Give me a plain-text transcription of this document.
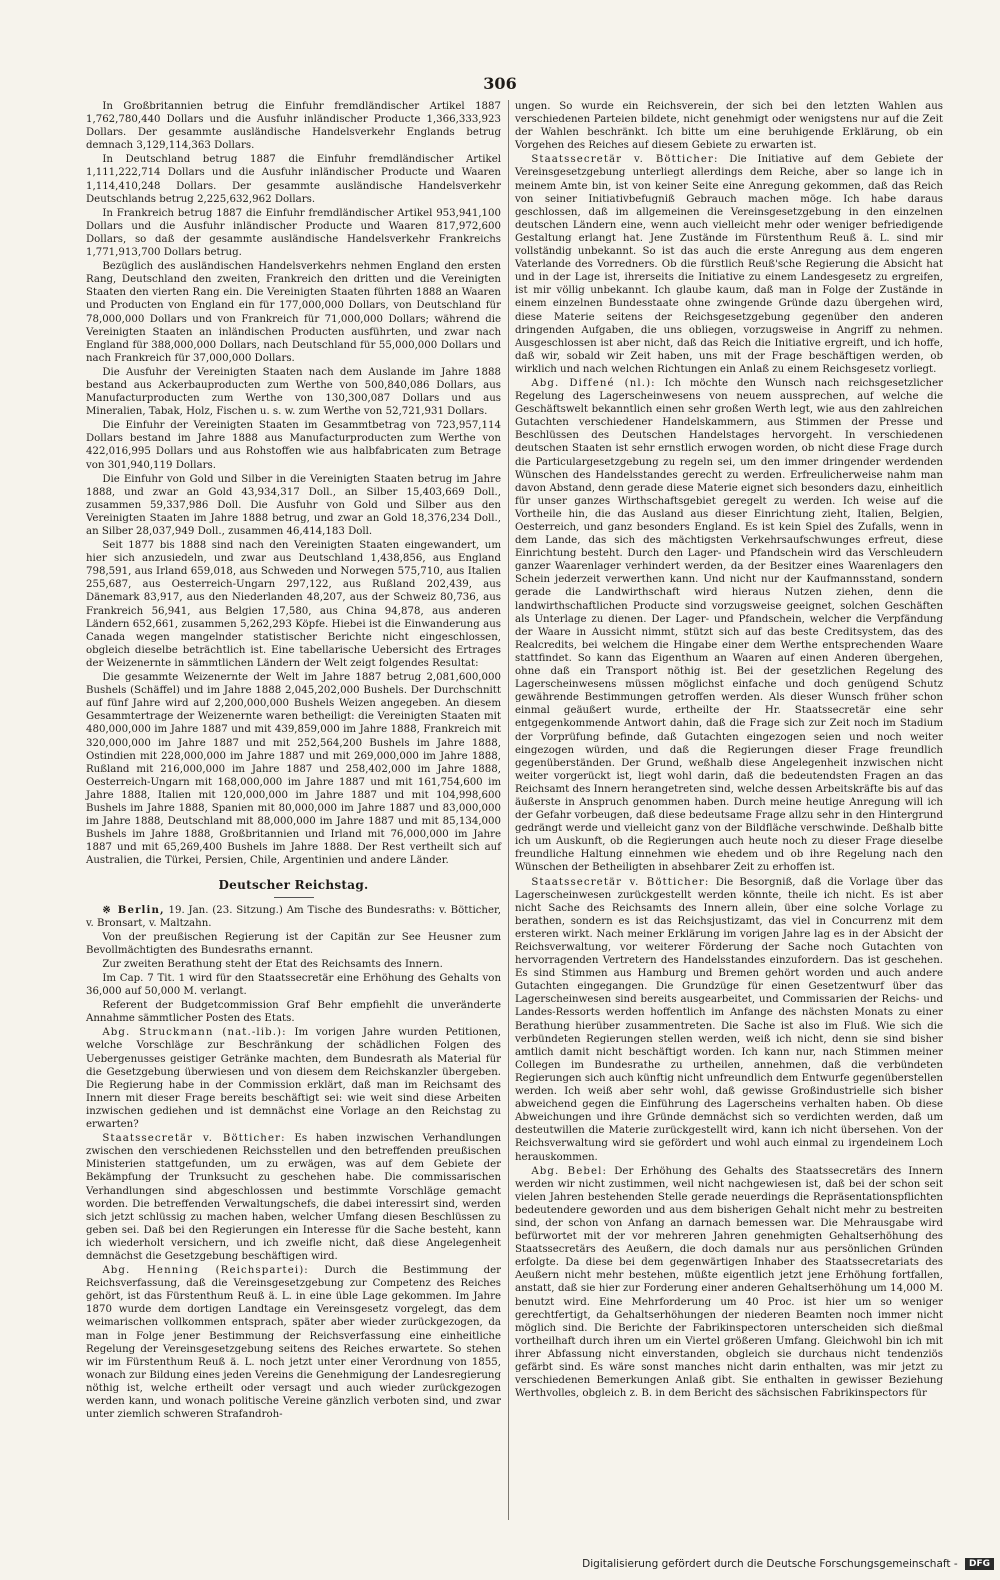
306

In Großbritannien betrug die Einfuhr fremdländischer Artikel 1887 1,762,780,440 Dollars und die Ausfuhr inländischer Producte 1,366,333,923 Dollars. Der gesammte ausländische Handelsverkehr Englands betrug demnach 3,129,114,363 Dollars.

In Deutschland betrug 1887 die Einfuhr fremdländischer Artikel 1,111,222,714 Dollars und die Ausfuhr inländischer Producte und Waaren 1,114,410,248 Dollars. Der gesammte ausländische Handelsverkehr Deutschlands betrug 2,225,632,962 Dollars.

In Frankreich betrug 1887 die Einfuhr fremdländischer Artikel 953,941,100 Dollars und die Ausfuhr inländischer Producte und Waaren 817,972,600 Dollars, so daß der gesammte ausländische Handelsverkehr Frankreichs 1,771,913,700 Dollars betrug.

Bezüglich des ausländischen Handelsverkehrs nehmen England den ersten Rang, Deutschland den zweiten, Frankreich den dritten und die Vereinigten Staaten den vierten Rang ein. Die Vereinigten Staaten führten 1888 an Waaren und Producten von England ein für 177,000,000 Dollars, von Deutschland für 78,000,000 Dollars und von Frankreich für 71,000,000 Dollars; während die Vereinigten Staaten an inländischen Producten ausführten, und zwar nach England für 388,000,000 Dollars, nach Deutschland für 55,000,000 Dollars und nach Frankreich für 37,000,000 Dollars.

Die Ausfuhr der Vereinigten Staaten nach dem Auslande im Jahre 1888 bestand aus Ackerbauproducten zum Werthe von 500,840,086 Dollars, aus Manufacturproducten zum Werthe von 130,300,087 Dollars und aus Mineralien, Tabak, Holz, Fischen u. s. w. zum Werthe von 52,721,931 Dollars.

Die Einfuhr der Vereinigten Staaten im Gesammtbetrag von 723,957,114 Dollars bestand im Jahre 1888 aus Manufacturproducten zum Werthe von 422,016,995 Dollars und aus Rohstoffen wie aus halbfabricaten zum Betrage von 301,940,119 Dollars.

Die Einfuhr von Gold und Silber in die Vereinigten Staaten betrug im Jahre 1888, und zwar an Gold 43,934,317 Doll., an Silber 15,403,669 Doll., zusammen 59,337,986 Doll. Die Ausfuhr von Gold und Silber aus den Vereinigten Staaten im Jahre 1888 betrug, und zwar an Gold 18,376,234 Doll., an Silber 28,037,949 Doll., zusammen 46,414,183 Doll.

Seit 1877 bis 1888 sind nach den Vereinigten Staaten eingewandert, um hier sich anzusiedeln, und zwar aus Deutschland 1,438,856, aus England 798,591, aus Irland 659,018, aus Schweden und Norwegen 575,710, aus Italien 255,687, aus Oesterreich-Ungarn 297,122, aus Rußland 202,439, aus Dänemark 83,917, aus den Niederlanden 48,207, aus der Schweiz 80,736, aus Frankreich 56,941, aus Belgien 17,580, aus China 94,878, aus anderen Ländern 652,661, zusammen 5,262,293 Köpfe. Hiebei ist die Einwanderung aus Canada wegen mangelnder statistischer Berichte nicht eingeschlossen, obgleich dieselbe beträchtlich ist. Eine tabellarische Uebersicht des Ertrages der Weizenernte in sämmtlichen Ländern der Welt zeigt folgendes Resultat:

Die gesammte Weizenernte der Welt im Jahre 1887 betrug 2,081,600,000 Bushels (Schäffel) und im Jahre 1888 2,045,202,000 Bushels. Der Durchschnitt auf fünf Jahre wird auf 2,200,000,000 Bushels Weizen angegeben. An diesem Gesammtertrage der Weizenernte waren betheiligt: die Vereinigten Staaten mit 480,000,000 im Jahre 1887 und mit 439,859,000 im Jahre 1888, Frankreich mit 320,000,000 im Jahre 1887 und mit 252,564,200 Bushels im Jahre 1888, Ostindien mit 228,000,000 im Jahre 1887 und mit 269,000,000 im Jahre 1888, Rußland mit 216,000,000 im Jahre 1887 und 258,402,000 im Jahre 1888, Oesterreich-Ungarn mit 168,000,000 im Jahre 1887 und mit 161,754,600 im Jahre 1888, Italien mit 120,000,000 im Jahre 1887 und mit 104,998,600 Bushels im Jahre 1888, Spanien mit 80,000,000 im Jahre 1887 und 83,000,000 im Jahre 1888, Deutschland mit 88,000,000 im Jahre 1887 und mit 85,134,000 Bushels im Jahre 1888, Großbritannien und Irland mit 76,000,000 im Jahre 1887 und mit 65,269,400 Bushels im Jahre 1888. Der Rest vertheilt sich auf Australien, die Türkei, Persien, Chile, Argentinien und andere Länder.

Deutscher Reichstag.

※ Berlin, 19. Jan. (23. Sitzung.) Am Tische des Bundesraths: v. Bötticher, v. Bronsart, v. Maltzahn.

Von der preußischen Regierung ist der Capitän zur See Heusner zum Bevollmächtigten des Bundesraths ernannt.

Zur zweiten Berathung steht der Etat des Reichsamts des Innern.

Im Cap. 7 Tit. 1 wird für den Staatssecretär eine Erhöhung des Gehalts von 36,000 auf 50,000 M. verlangt.

Referent der Budgetcommission Graf Behr empfiehlt die unveränderte Annahme sämmtlicher Posten des Etats.

Abg. Struckmann (nat.-lib.): Im vorigen Jahre wurden Petitionen, welche Vorschläge zur Beschränkung der schädlichen Folgen des Uebergenusses geistiger Getränke machten, dem Bundesrath als Material für die Gesetzgebung überwiesen und von diesem dem Reichskanzler übergeben. Die Regierung habe in der Commission erklärt, daß man im Reichsamt des Innern mit dieser Frage bereits beschäftigt sei: wie weit sind diese Arbeiten inzwischen gediehen und ist demnächst eine Vorlage an den Reichstag zu erwarten?

Staatssecretär v. Bötticher: Es haben inzwischen Verhandlungen zwischen den verschiedenen Reichsstellen und den betreffenden preußischen Ministerien stattgefunden, um zu erwägen, was auf dem Gebiete der Bekämpfung der Trunksucht zu geschehen habe. Die commissarischen Verhandlungen sind abgeschlossen und bestimmte Vorschläge gemacht worden. Die betreffenden Verwaltungschefs, die dabei interessirt sind, werden sich jetzt schlüssig zu machen haben, welcher Umfang diesen Beschlüssen zu geben sei. Daß bei den Regierungen ein Interesse für die Sache besteht, kann ich wiederholt versichern, und ich zweifle nicht, daß diese Angelegenheit demnächst die Gesetzgebung beschäftigen wird.

Abg. Henning (Reichspartei): Durch die Bestimmung der Reichsverfassung, daß die Vereinsgesetzgebung zur Competenz des Reiches gehört, ist das Fürstenthum Reuß ä. L. in eine üble Lage gekommen. Im Jahre 1870 wurde dem dortigen Landtage ein Vereinsgesetz vorgelegt, das dem weimarischen vollkommen entsprach, später aber wieder zurückgezogen, da man in Folge jener Bestimmung der Reichsverfassung eine einheitliche Regelung der Vereinsgesetzgebung seitens des Reiches erwartete. So stehen wir im Fürstenthum Reuß ä. L. noch jetzt unter einer Verordnung von 1855, wonach zur Bildung eines jeden Vereins die Genehmigung der Landesregierung nöthig ist, welche ertheilt oder versagt und auch wieder zurückgezogen werden kann, und wonach politische Vereine gänzlich verboten sind, und zwar unter ziemlich schweren Strafandroh-

ungen. So wurde ein Reichsverein, der sich bei den letzten Wahlen aus verschiedenen Parteien bildete, nicht genehmigt oder wenigstens nur auf die Zeit der Wahlen beschränkt. Ich bitte um eine beruhigende Erklärung, ob ein Vorgehen des Reiches auf diesem Gebiete zu erwarten ist.

Staatssecretär v. Bötticher: Die Initiative auf dem Gebiete der Vereinsgesetzgebung unterliegt allerdings dem Reiche, aber so lange ich in meinem Amte bin, ist von keiner Seite eine Anregung gekommen, daß das Reich von seiner Initiativbefugniß Gebrauch machen möge. Ich habe daraus geschlossen, daß im allgemeinen die Vereinsgesetzgebung in den einzelnen deutschen Ländern eine, wenn auch vielleicht mehr oder weniger befriedigende Gestaltung erlangt hat. Jene Zustände im Fürstenthum Reuß ä. L. sind mir vollständig unbekannt. So ist das auch die erste Anregung aus dem engeren Vaterlande des Vorredners. Ob die fürstlich Reuß'sche Regierung die Absicht hat und in der Lage ist, ihrerseits die Initiative zu einem Landesgesetz zu ergreifen, ist mir völlig unbekannt. Ich glaube kaum, daß man in Folge der Zustände in einem einzelnen Bundesstaate ohne zwingende Gründe dazu übergehen wird, diese Materie seitens der Reichsgesetzgebung gegenüber den anderen dringenden Aufgaben, die uns obliegen, vorzugsweise in Angriff zu nehmen. Ausgeschlossen ist aber nicht, daß das Reich die Initiative ergreift, und ich hoffe, daß wir, sobald wir Zeit haben, uns mit der Frage beschäftigen werden, ob wirklich und nach welchen Richtungen ein Anlaß zu einem Reichsgesetz vorliegt.

Abg. Diffené (nl.): Ich möchte den Wunsch nach reichsgesetzlicher Regelung des Lagerscheinwesens von neuem aussprechen, auf welche die Geschäftswelt bekanntlich einen sehr großen Werth legt, wie aus den zahlreichen Gutachten verschiedener Handelskammern, aus Stimmen der Presse und Beschlüssen des Deutschen Handelstages hervorgeht. In verschiedenen deutschen Staaten ist sehr ernstlich erwogen worden, ob nicht diese Frage durch die Particulargesetzgebung zu regeln sei, um den immer dringender werdenden Wünschen des Handelsstandes gerecht zu werden. Erfreulicherweise nahm man davon Abstand, denn gerade diese Materie eignet sich besonders dazu, einheitlich für unser ganzes Wirthschaftsgebiet geregelt zu werden. Ich weise auf die Vortheile hin, die das Ausland aus dieser Einrichtung zieht, Italien, Belgien, Oesterreich, und ganz besonders England. Es ist kein Spiel des Zufalls, wenn in dem Lande, das sich des mächtigsten Verkehrsaufschwunges erfreut, diese Einrichtung besteht. Durch den Lager- und Pfandschein wird das Verschleudern ganzer Waarenlager verhindert werden, da der Besitzer eines Waarenlagers den Schein jederzeit verwerthen kann. Und nicht nur der Kaufmannsstand, sondern gerade die Landwirthschaft wird hieraus Nutzen ziehen, denn die landwirthschaftlichen Producte sind vorzugsweise geeignet, solchen Geschäften als Unterlage zu dienen. Der Lager- und Pfandschein, welcher die Verpfändung der Waare in Aussicht nimmt, stützt sich auf das beste Creditsystem, das des Realcredits, bei welchem die Hingabe einer dem Werthe entsprechenden Waare stattfindet. So kann das Eigenthum an Waaren auf einen Anderen übergehen, ohne daß ein Transport nöthig ist. Bei der gesetzlichen Regelung des Lagerscheinwesens müssen möglichst einfache und doch genügend Schutz gewährende Bestimmungen getroffen werden. Als dieser Wunsch früher schon einmal geäußert wurde, ertheilte der Hr. Staatssecretär eine sehr entgegenkommende Antwort dahin, daß die Frage sich zur Zeit noch im Stadium der Vorprüfung befinde, daß Gutachten eingezogen seien und noch weiter eingezogen würden, und daß die Regierungen dieser Frage freundlich gegenüberständen. Der Grund, weßhalb diese Angelegenheit inzwischen nicht weiter vorgerückt ist, liegt wohl darin, daß die bedeutendsten Fragen an das Reichsamt des Innern herangetreten sind, welche dessen Arbeitskräfte bis auf das äußerste in Anspruch genommen haben. Durch meine heutige Anregung will ich der Gefahr vorbeugen, daß diese bedeutsame Frage allzu sehr in den Hintergrund gedrängt werde und vielleicht ganz von der Bildfläche verschwinde. Deßhalb bitte ich um Auskunft, ob die Regierungen auch heute noch zu dieser Frage dieselbe freundliche Haltung einnehmen wie ehedem und ob ihre Regelung nach den Wünschen der Betheiligten in absehbarer Zeit zu erhoffen ist.

Staatssecretär v. Bötticher: Die Besorgniß, daß die Vorlage über das Lagerscheinwesen zurückgestellt werden könnte, theile ich nicht. Es ist aber nicht Sache des Reichsamts des Innern allein, über eine solche Vorlage zu berathen, sondern es ist das Reichsjustizamt, das viel in Concurrenz mit dem ersteren wirkt. Nach meiner Erklärung im vorigen Jahre lag es in der Absicht der Reichsverwaltung, vor weiterer Förderung der Sache noch Gutachten von hervorragenden Vertretern des Handelsstandes einzufordern. Das ist geschehen. Es sind Stimmen aus Hamburg und Bremen gehört worden und auch andere Gutachten eingegangen. Die Grundzüge für einen Gesetzentwurf über das Lagerscheinwesen sind bereits ausgearbeitet, und Commissarien der Reichs- und Landes-Ressorts werden hoffentlich im Anfange des nächsten Monats zu einer Berathung hierüber zusammentreten. Die Sache ist also im Fluß. Wie sich die verbündeten Regierungen stellen werden, weiß ich nicht, denn sie sind bisher amtlich damit nicht beschäftigt worden. Ich kann nur, nach Stimmen meiner Collegen im Bundesrathe zu urtheilen, annehmen, daß die verbündeten Regierungen sich auch künftig nicht unfreundlich dem Entwurfe gegenüberstellen werden. Ich weiß aber sehr wohl, daß gewisse Großindustrielle sich bisher abweichend gegen die Einführung des Lagerscheins verhalten haben. Ob diese Abweichungen und ihre Gründe demnächst sich so verdichten werden, daß um desteutwillen die Materie zurückgestellt wird, kann ich nicht übersehen. Von der Reichsverwaltung wird sie gefördert und wohl auch einmal zu irgendeinem Loch herauskommen.

Abg. Bebel: Der Erhöhung des Gehalts des Staatssecretärs des Innern werden wir nicht zustimmen, weil nicht nachgewiesen ist, daß bei der schon seit vielen Jahren bestehenden Stelle gerade neuerdings die Repräsentationspflichten bedeutendere geworden und aus dem bisherigen Gehalt nicht mehr zu bestreiten sind, der schon von Anfang an darnach bemessen war. Die Mehrausgabe wird befürwortet mit der vor mehreren Jahren genehmigten Gehaltserhöhung des Staatssecretärs des Aeußern, die doch damals nur aus persönlichen Gründen erfolgte. Da diese bei dem gegenwärtigen Inhaber des Staatssecretariats des Aeußern nicht mehr bestehen, müßte eigentlich jetzt jene Erhöhung fortfallen, anstatt, daß sie hier zur Forderung einer anderen Gehaltserhöhung um 14,000 M. benutzt wird. Eine Mehrforderung um 40 Proc. ist hier um so weniger gerechtfertigt, da Gehaltserhöhungen der niederen Beamten noch immer nicht möglich sind. Die Berichte der Fabrikinspectoren unterscheiden sich dießmal vortheilhaft durch ihren um ein Viertel größeren Umfang. Gleichwohl bin ich mit ihrer Abfassung nicht einverstanden, obgleich sie durchaus nicht tendenziös gefärbt sind. Es wäre sonst manches nicht darin enthalten, was mir jetzt zu verschiedenen Bemerkungen Anlaß gibt. Sie enthalten in gewisser Beziehung Werthvolles, obgleich z. B. in dem Bericht des sächsischen Fabrikinspectors für

Digitalisierung gefördert durch die Deutsche Forschungsgemeinschaft - DFG
